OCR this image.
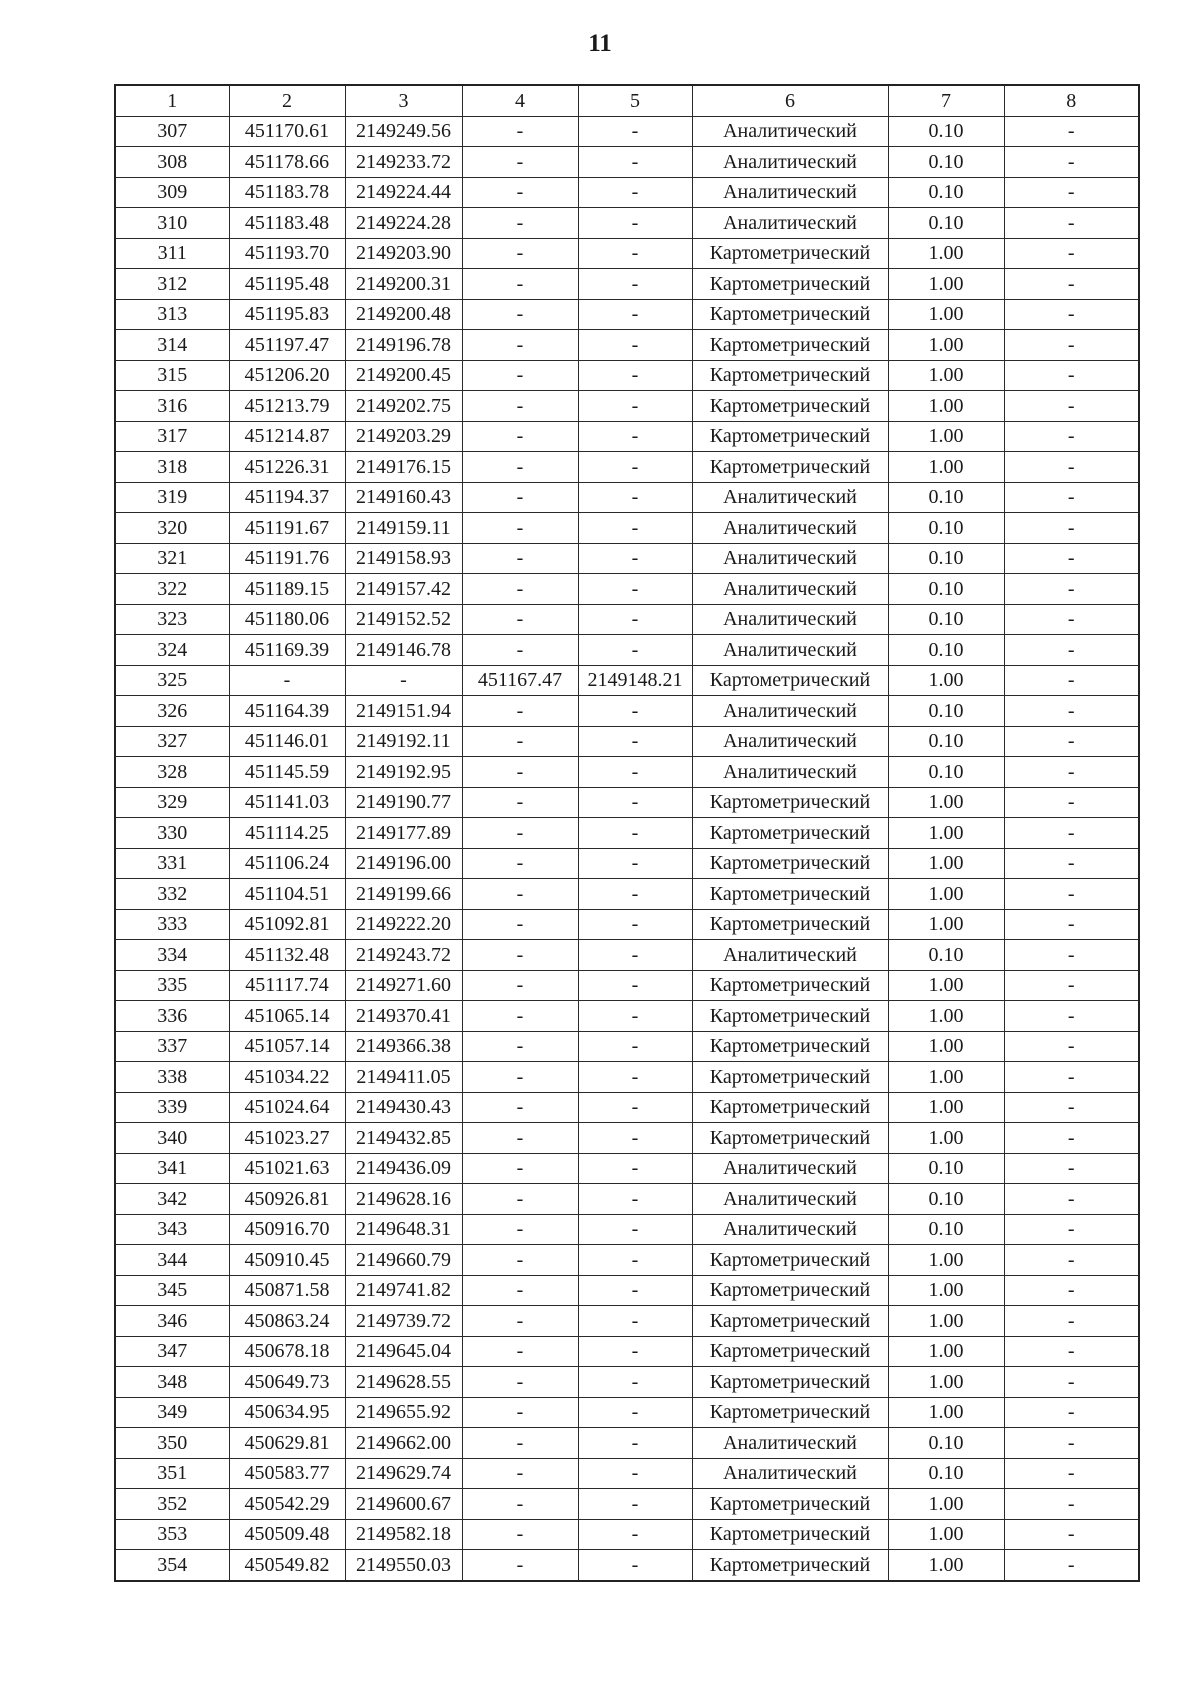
11
1	2	3	4	5	6	7	8
307	451170.61	2149249.56	-	-	Аналитический	0.10	-
308	451178.66	2149233.72	-	-	Аналитический	0.10	-
309	451183.78	2149224.44	-	-	Аналитический	0.10	-
310	451183.48	2149224.28	-	-	Аналитический	0.10	-
311	451193.70	2149203.90	-	-	Картометрический	1.00	-
312	451195.48	2149200.31	-	-	Картометрический	1.00	-
313	451195.83	2149200.48	-	-	Картометрический	1.00	-
314	451197.47	2149196.78	-	-	Картометрический	1.00	-
315	451206.20	2149200.45	-	-	Картометрический	1.00	-
316	451213.79	2149202.75	-	-	Картометрический	1.00	-
317	451214.87	2149203.29	-	-	Картометрический	1.00	-
318	451226.31	2149176.15	-	-	Картометрический	1.00	-
319	451194.37	2149160.43	-	-	Аналитический	0.10	-
320	451191.67	2149159.11	-	-	Аналитический	0.10	-
321	451191.76	2149158.93	-	-	Аналитический	0.10	-
322	451189.15	2149157.42	-	-	Аналитический	0.10	-
323	451180.06	2149152.52	-	-	Аналитический	0.10	-
324	451169.39	2149146.78	-	-	Аналитический	0.10	-
325	-	-	451167.47	2149148.21	Картометрический	1.00	-
326	451164.39	2149151.94	-	-	Аналитический	0.10	-
327	451146.01	2149192.11	-	-	Аналитический	0.10	-
328	451145.59	2149192.95	-	-	Аналитический	0.10	-
329	451141.03	2149190.77	-	-	Картометрический	1.00	-
330	451114.25	2149177.89	-	-	Картометрический	1.00	-
331	451106.24	2149196.00	-	-	Картометрический	1.00	-
332	451104.51	2149199.66	-	-	Картометрический	1.00	-
333	451092.81	2149222.20	-	-	Картометрический	1.00	-
334	451132.48	2149243.72	-	-	Аналитический	0.10	-
335	451117.74	2149271.60	-	-	Картометрический	1.00	-
336	451065.14	2149370.41	-	-	Картометрический	1.00	-
337	451057.14	2149366.38	-	-	Картометрический	1.00	-
338	451034.22	2149411.05	-	-	Картометрический	1.00	-
339	451024.64	2149430.43	-	-	Картометрический	1.00	-
340	451023.27	2149432.85	-	-	Картометрический	1.00	-
341	451021.63	2149436.09	-	-	Аналитический	0.10	-
342	450926.81	2149628.16	-	-	Аналитический	0.10	-
343	450916.70	2149648.31	-	-	Аналитический	0.10	-
344	450910.45	2149660.79	-	-	Картометрический	1.00	-
345	450871.58	2149741.82	-	-	Картометрический	1.00	-
346	450863.24	2149739.72	-	-	Картометрический	1.00	-
347	450678.18	2149645.04	-	-	Картометрический	1.00	-
348	450649.73	2149628.55	-	-	Картометрический	1.00	-
349	450634.95	2149655.92	-	-	Картометрический	1.00	-
350	450629.81	2149662.00	-	-	Аналитический	0.10	-
351	450583.77	2149629.74	-	-	Аналитический	0.10	-
352	450542.29	2149600.67	-	-	Картометрический	1.00	-
353	450509.48	2149582.18	-	-	Картометрический	1.00	-
354	450549.82	2149550.03	-	-	Картометрический	1.00	-
